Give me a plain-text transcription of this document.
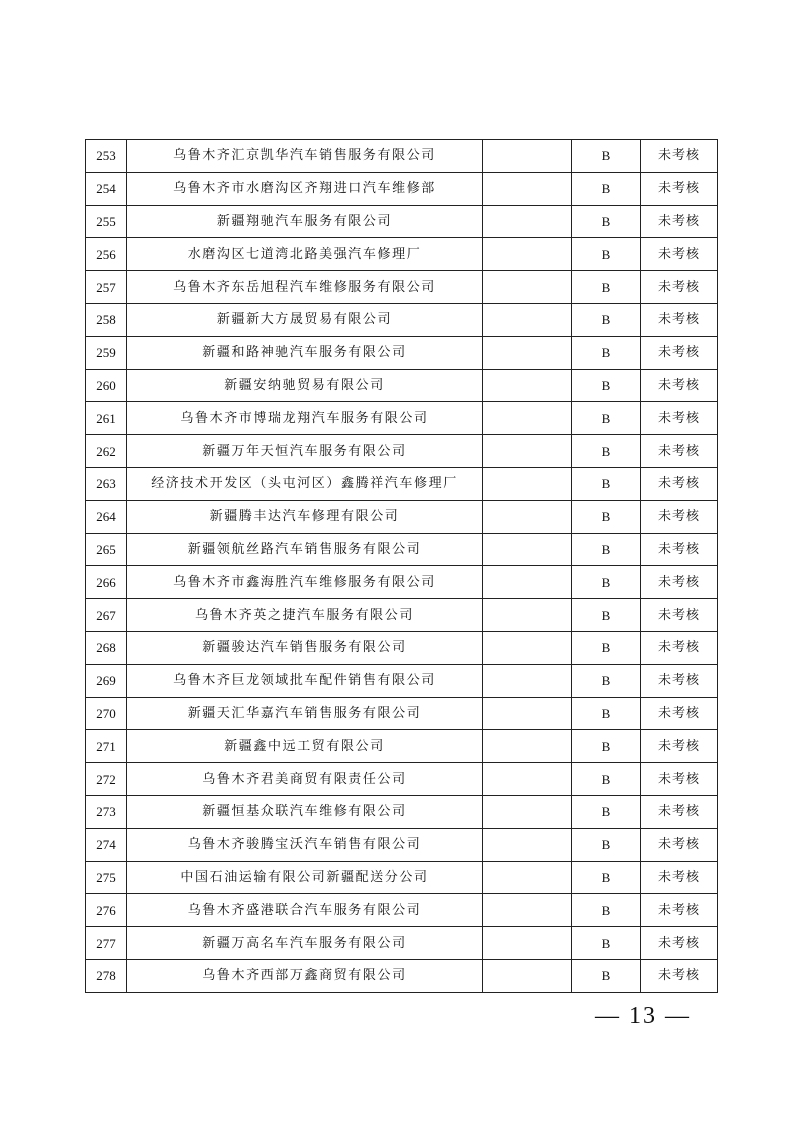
253	乌鲁木齐汇京凯华汽车销售服务有限公司		B	未考核
254	乌鲁木齐市水磨沟区齐翔进口汽车维修部		B	未考核
255	新疆翔驰汽车服务有限公司		B	未考核
256	水磨沟区七道湾北路美强汽车修理厂		B	未考核
257	乌鲁木齐东岳旭程汽车维修服务有限公司		B	未考核
258	新疆新大方晟贸易有限公司		B	未考核
259	新疆和路神驰汽车服务有限公司		B	未考核
260	新疆安纳驰贸易有限公司		B	未考核
261	乌鲁木齐市博瑞龙翔汽车服务有限公司		B	未考核
262	新疆万年天恒汽车服务有限公司		B	未考核
263	经济技术开发区（头屯河区）鑫腾祥汽车修理厂		B	未考核
264	新疆腾丰达汽车修理有限公司		B	未考核
265	新疆领航丝路汽车销售服务有限公司		B	未考核
266	乌鲁木齐市鑫海胜汽车维修服务有限公司		B	未考核
267	乌鲁木齐英之捷汽车服务有限公司		B	未考核
268	新疆骏达汽车销售服务有限公司		B	未考核
269	乌鲁木齐巨龙领域批车配件销售有限公司		B	未考核
270	新疆天汇华嘉汽车销售服务有限公司		B	未考核
271	新疆鑫中远工贸有限公司		B	未考核
272	乌鲁木齐君美商贸有限责任公司		B	未考核
273	新疆恒基众联汽车维修有限公司		B	未考核
274	乌鲁木齐骏腾宝沃汽车销售有限公司		B	未考核
275	中国石油运输有限公司新疆配送分公司		B	未考核
276	乌鲁木齐盛港联合汽车服务有限公司		B	未考核
277	新疆万高名车汽车服务有限公司		B	未考核
278	乌鲁木齐西部万鑫商贸有限公司		B	未考核
— 13 —
